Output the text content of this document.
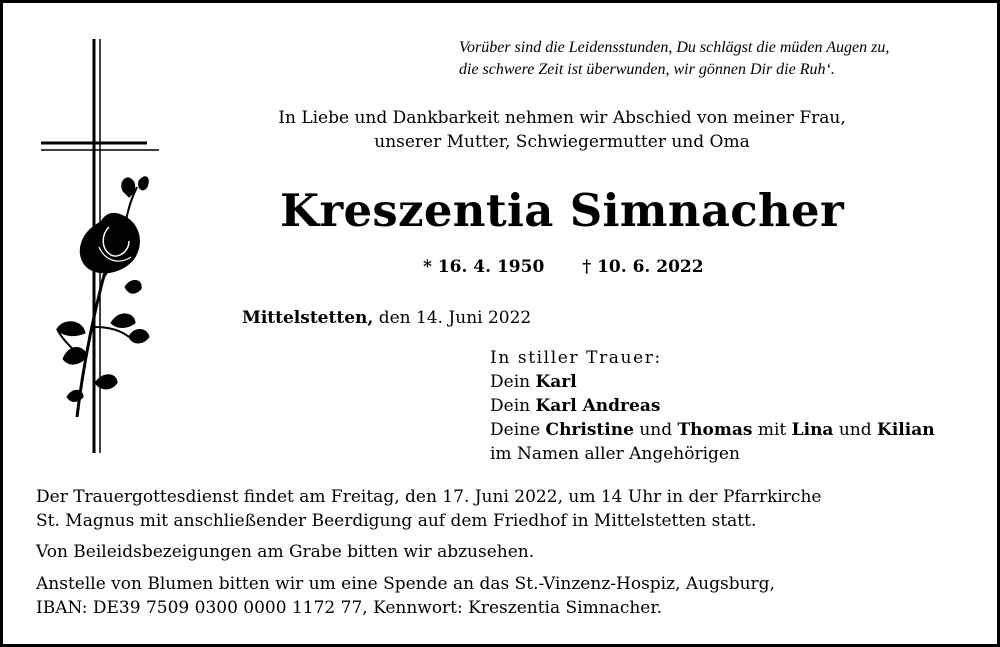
Vorüber sind die Leidensstunden, Du schlägst die müden Augen zu,

die schwere Zeit ist überwunden, wir gönnen Dir die Ruh‘.

In Liebe und Dankbarkeit nehmen wir Abschied von meiner Frau,

unserer Mutter, Schwiegermutter und Oma

Kreszentia Simnacher

* 16. 4. 1950 † 10. 6. 2022

Mittelstetten, den 14. Juni 2022

In stiller Trauer:

Dein Karl

Dein Karl Andreas

Deine Christine und Thomas mit Lina und Kilian

im Namen aller Angehörigen

Der Trauergottesdienst findet am Freitag, den 17. Juni 2022, um 14 Uhr in der Pfarrkirche

St. Magnus mit anschließender Beerdigung auf dem Friedhof in Mittelstetten statt.

Von Beileidsbezeigungen am Grabe bitten wir abzusehen.

Anstelle von Blumen bitten wir um eine Spende an das St.-Vinzenz-Hospiz, Augsburg,

IBAN: DE39 7509 0300 0000 1172 77, Kennwort: Kreszentia Simnacher.
